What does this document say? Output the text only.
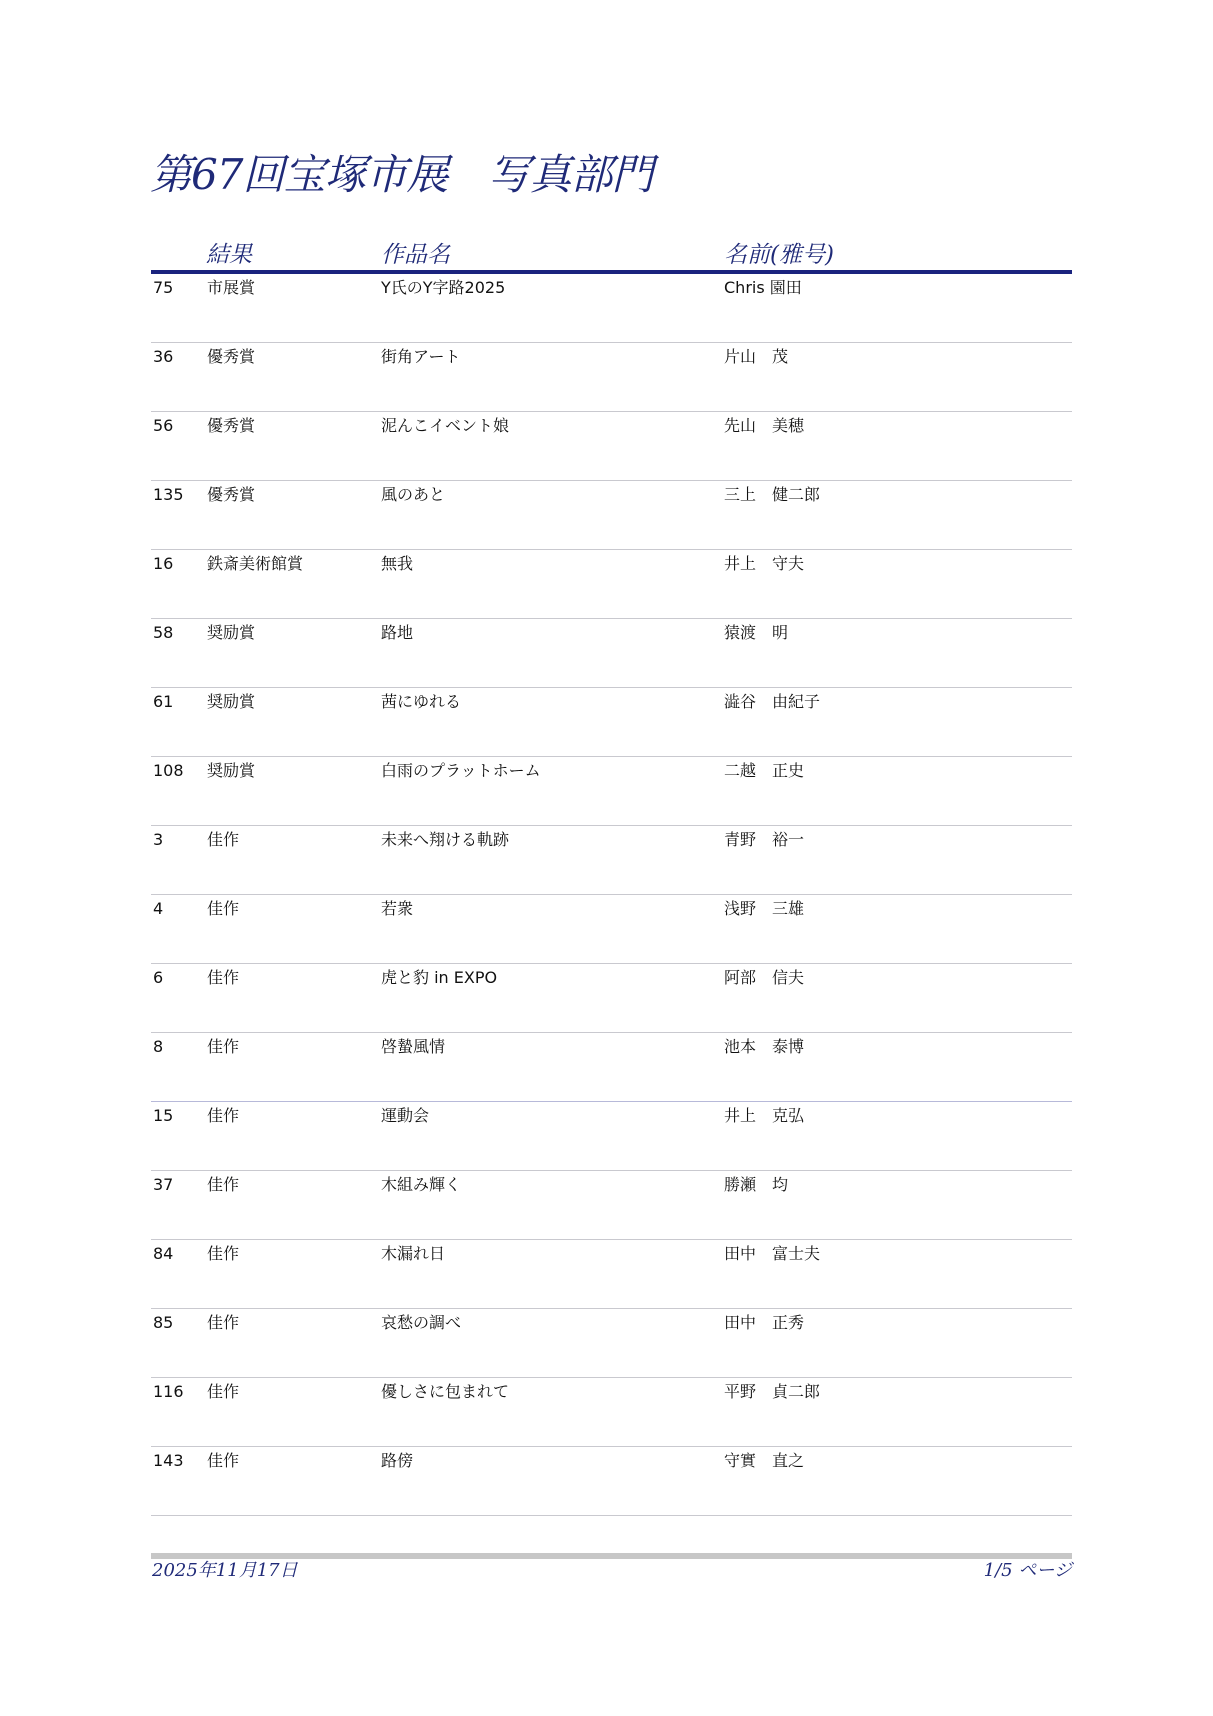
第67回宝塚市展　写真部門
結果	作品名	名前(雅号)
75 市展賞	Y氏のY字路2025	Chris 園田
36 優秀賞	街角アート	片山　茂
56 優秀賞	泥んこイベント娘	先山　美穂
135 優秀賞	風のあと	三上　健二郎
16 鉄斎美術館賞	無我	井上　守夫
58 奨励賞	路地	猿渡　明
61 奨励賞	茜にゆれる	澁谷　由紀子
108 奨励賞	白雨のプラットホーム	二越　正史
3	佳作	未来へ翔ける軌跡	青野　裕一
4	佳作	若衆	浅野　三雄
6	佳作	虎と豹 in EXPO	阿部　信夫
8	佳作	啓蟄風情	池本　泰博
15 佳作	運動会	井上　克弘
37 佳作	木組み輝く	勝瀬　均
84 佳作	木漏れ日	田中　富士夫
85 佳作	哀愁の調べ	田中　正秀
116 佳作	優しさに包まれて	平野　貞二郎
143 佳作	路傍	守實　直之
2025年11月17日	1/5 ページ
